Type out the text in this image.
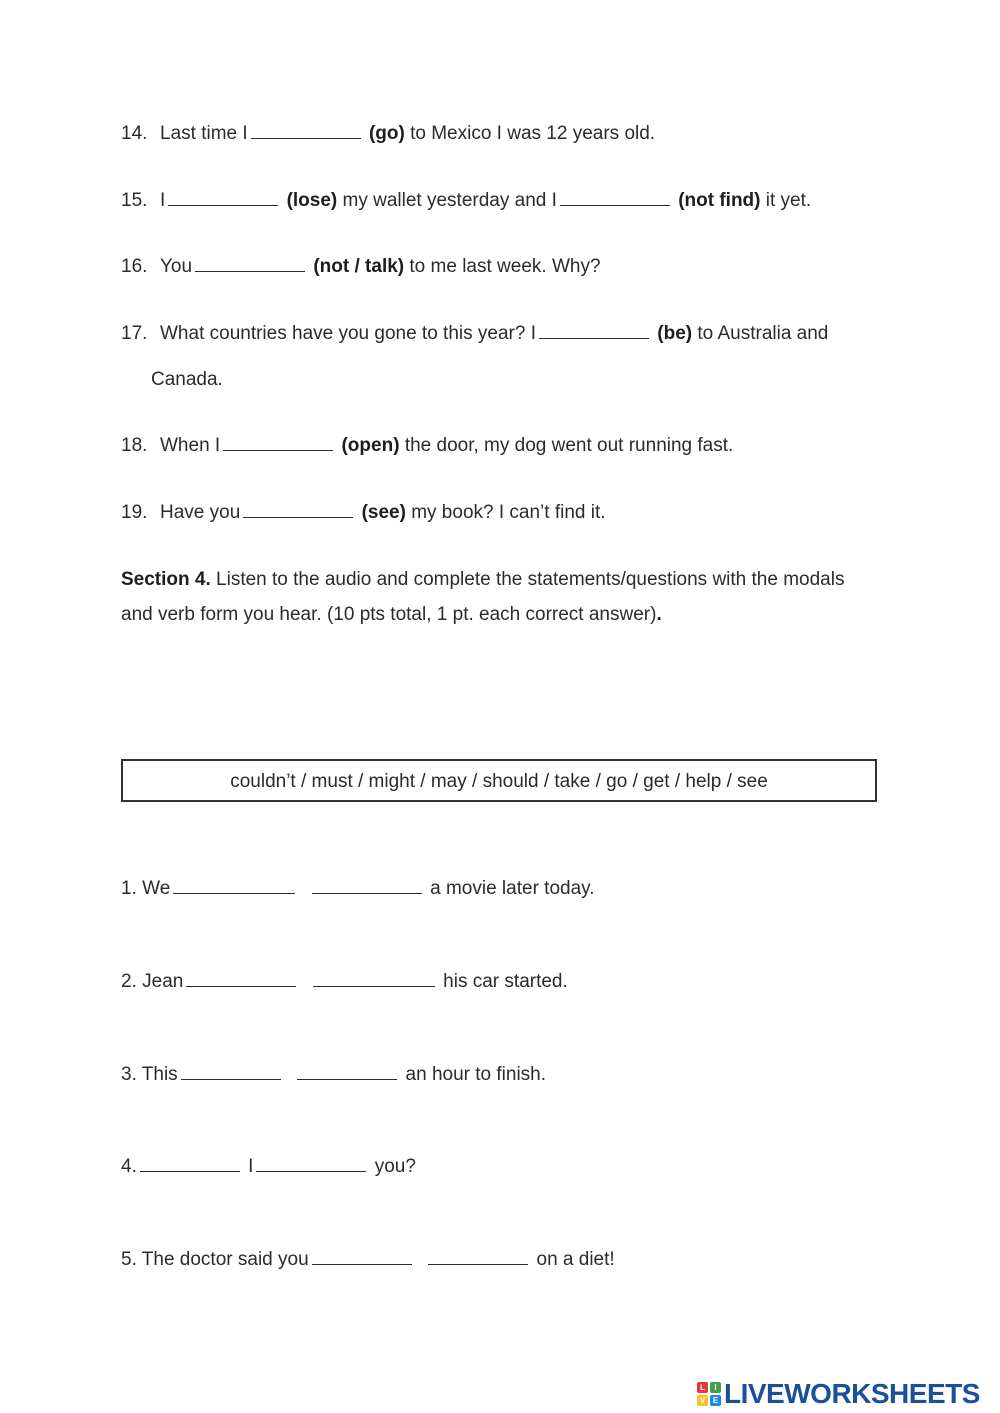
14. Last time I	(go) to Mexico I was 12 years old.
15. I	(lose) my wallet yesterday and I	(not find) it yet.
16. You	(not / talk) to me last week. Why?
17. What countries have you gone to this year? I	(be) to Australia and
Canada.
18. When I	(open) the door, my dog went out running fast.
19. Have you	(see) my book? I can’t find it.
Section 4. Listen to the audio and complete the statements/questions with the modals and verb form you hear. (10 pts total, 1 pt. each correct answer).
couldn’t / must / might / may / should / take / go / get / help / see
1. We	a movie later today.
2. Jean	his car started.
3. This	an hour to finish.
4.	I	you?
5. The doctor said you	on a diet!
L	I
V E LIVEWORKSHEETS
